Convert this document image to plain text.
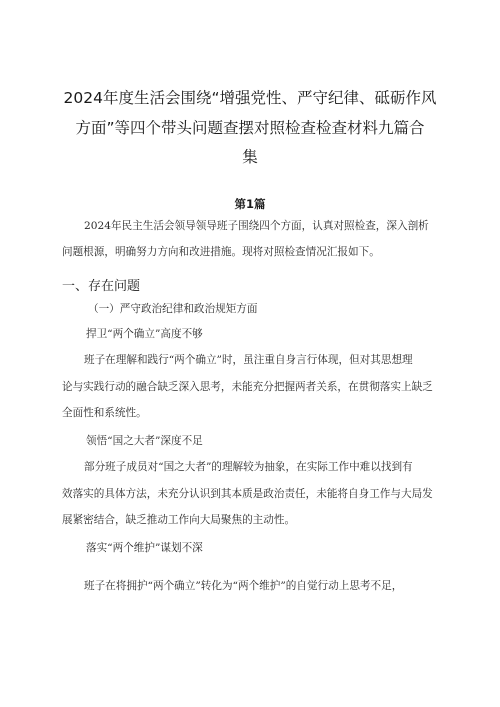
2024年度生活会围绕“增强党性、严守纪律、砥砺作风
方面”等四个带头问题查摆对照检查检查材料九篇合
集
第1篇
2024年民主生活会领导领导班子围绕四个方面，认真对照检查，深入剖析
问题根源，明确努力方向和改进措施。现将对照检查情况汇报如下。
一、存在问题
（一）严守政治纪律和政治规矩方面
捍卫“两个确立”高度不够
班子在理解和践行“两个确立”时，虽注重自身言行体现，但对其思想理
论与实践行动的融合缺乏深入思考，未能充分把握两者关系，在贯彻落实上缺乏
全面性和系统性。
领悟“国之大者”深度不足
部分班子成员对“国之大者”的理解较为抽象，在实际工作中难以找到有
效落实的具体方法，未充分认识到其本质是政治责任，未能将自身工作与大局发
展紧密结合，缺乏推动工作向大局聚焦的主动性。
落实“两个维护”谋划不深
班子在将拥护“两个确立”转化为“两个维护”的自觉行动上思考不足，
